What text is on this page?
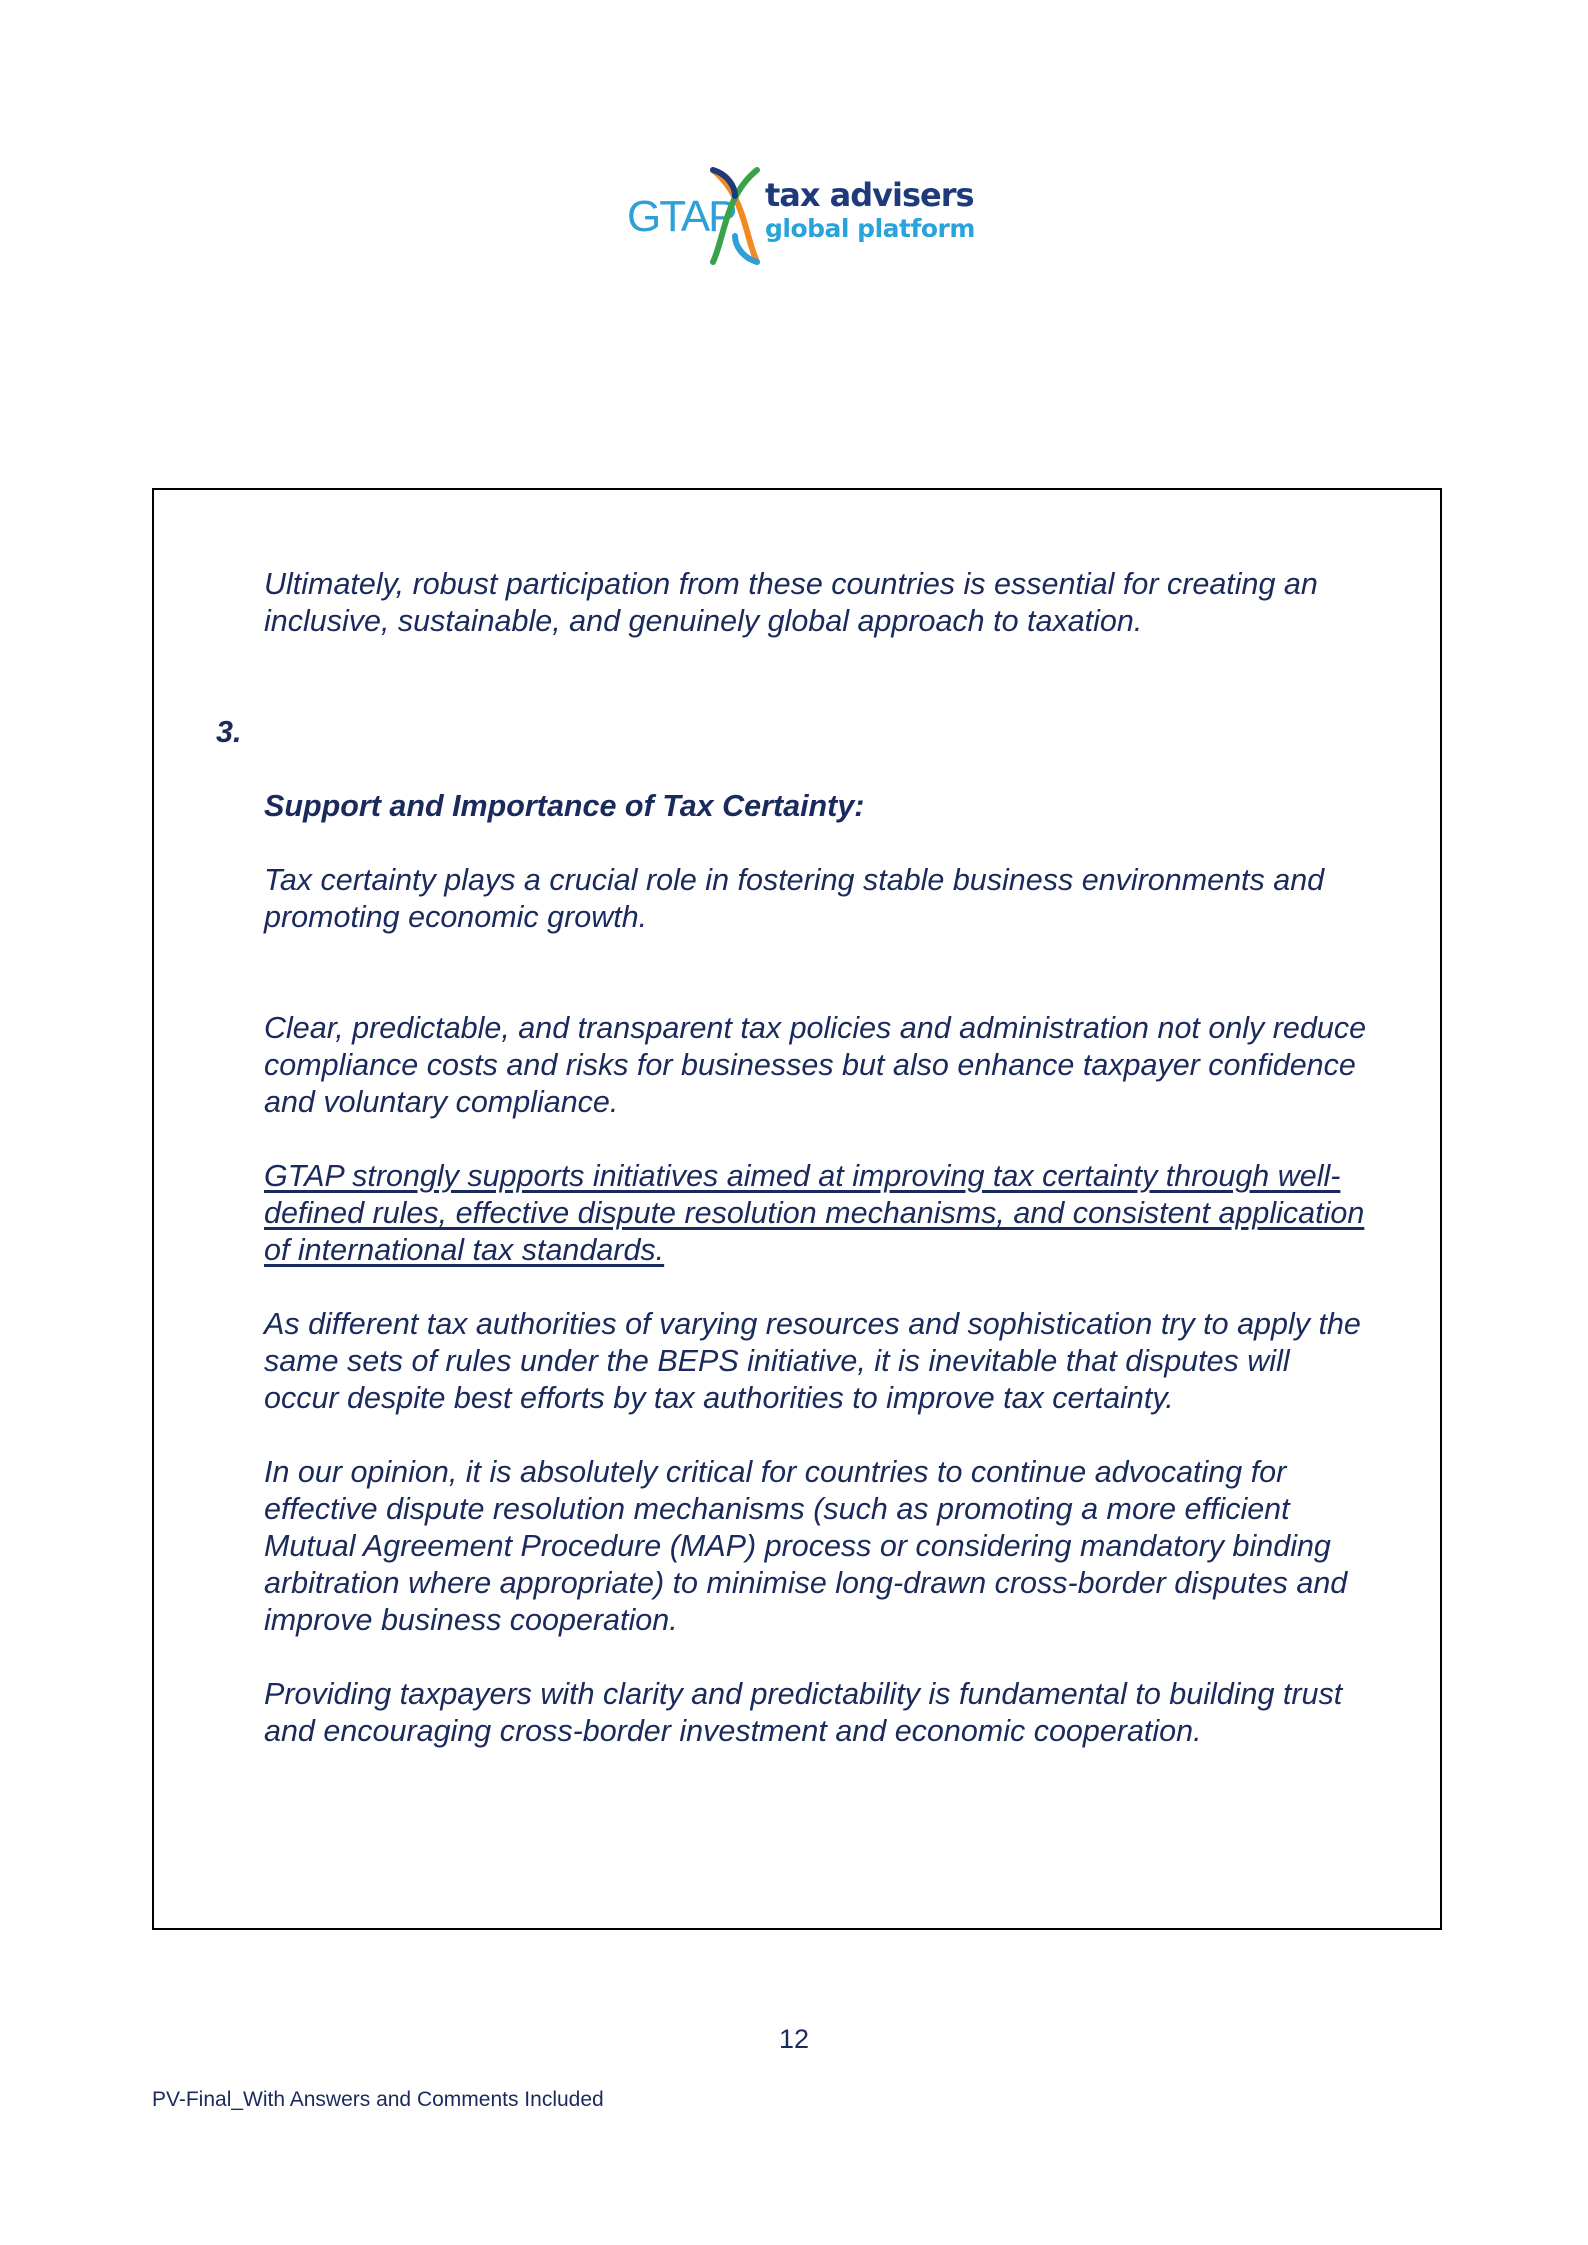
GTAP tax advisers
global platform

Ultimately, robust participation from these countries is essential for creating an
inclusive, sustainable, and genuinely global approach to taxation.

3.

Support and Importance of Tax Certainty:

Tax certainty plays a crucial role in fostering stable business environments and
promoting economic growth.

Clear, predictable, and transparent tax policies and administration not only reduce
compliance costs and risks for businesses but also enhance taxpayer confidence
and voluntary compliance.

GTAP strongly supports initiatives aimed at improving tax certainty through well-
defined rules, effective dispute resolution mechanisms, and consistent application
of international tax standards.

As different tax authorities of varying resources and sophistication try to apply the
same sets of rules under the BEPS initiative, it is inevitable that disputes will
occur despite best efforts by tax authorities to improve tax certainty.

In our opinion, it is absolutely critical for countries to continue advocating for
effective dispute resolution mechanisms (such as promoting a more efficient
Mutual Agreement Procedure (MAP) process or considering mandatory binding
arbitration where appropriate) to minimise long-drawn cross-border disputes and
improve business cooperation.

Providing taxpayers with clarity and predictability is fundamental to building trust
and encouraging cross-border investment and economic cooperation.

12
PV-Final_With Answers and Comments Included
